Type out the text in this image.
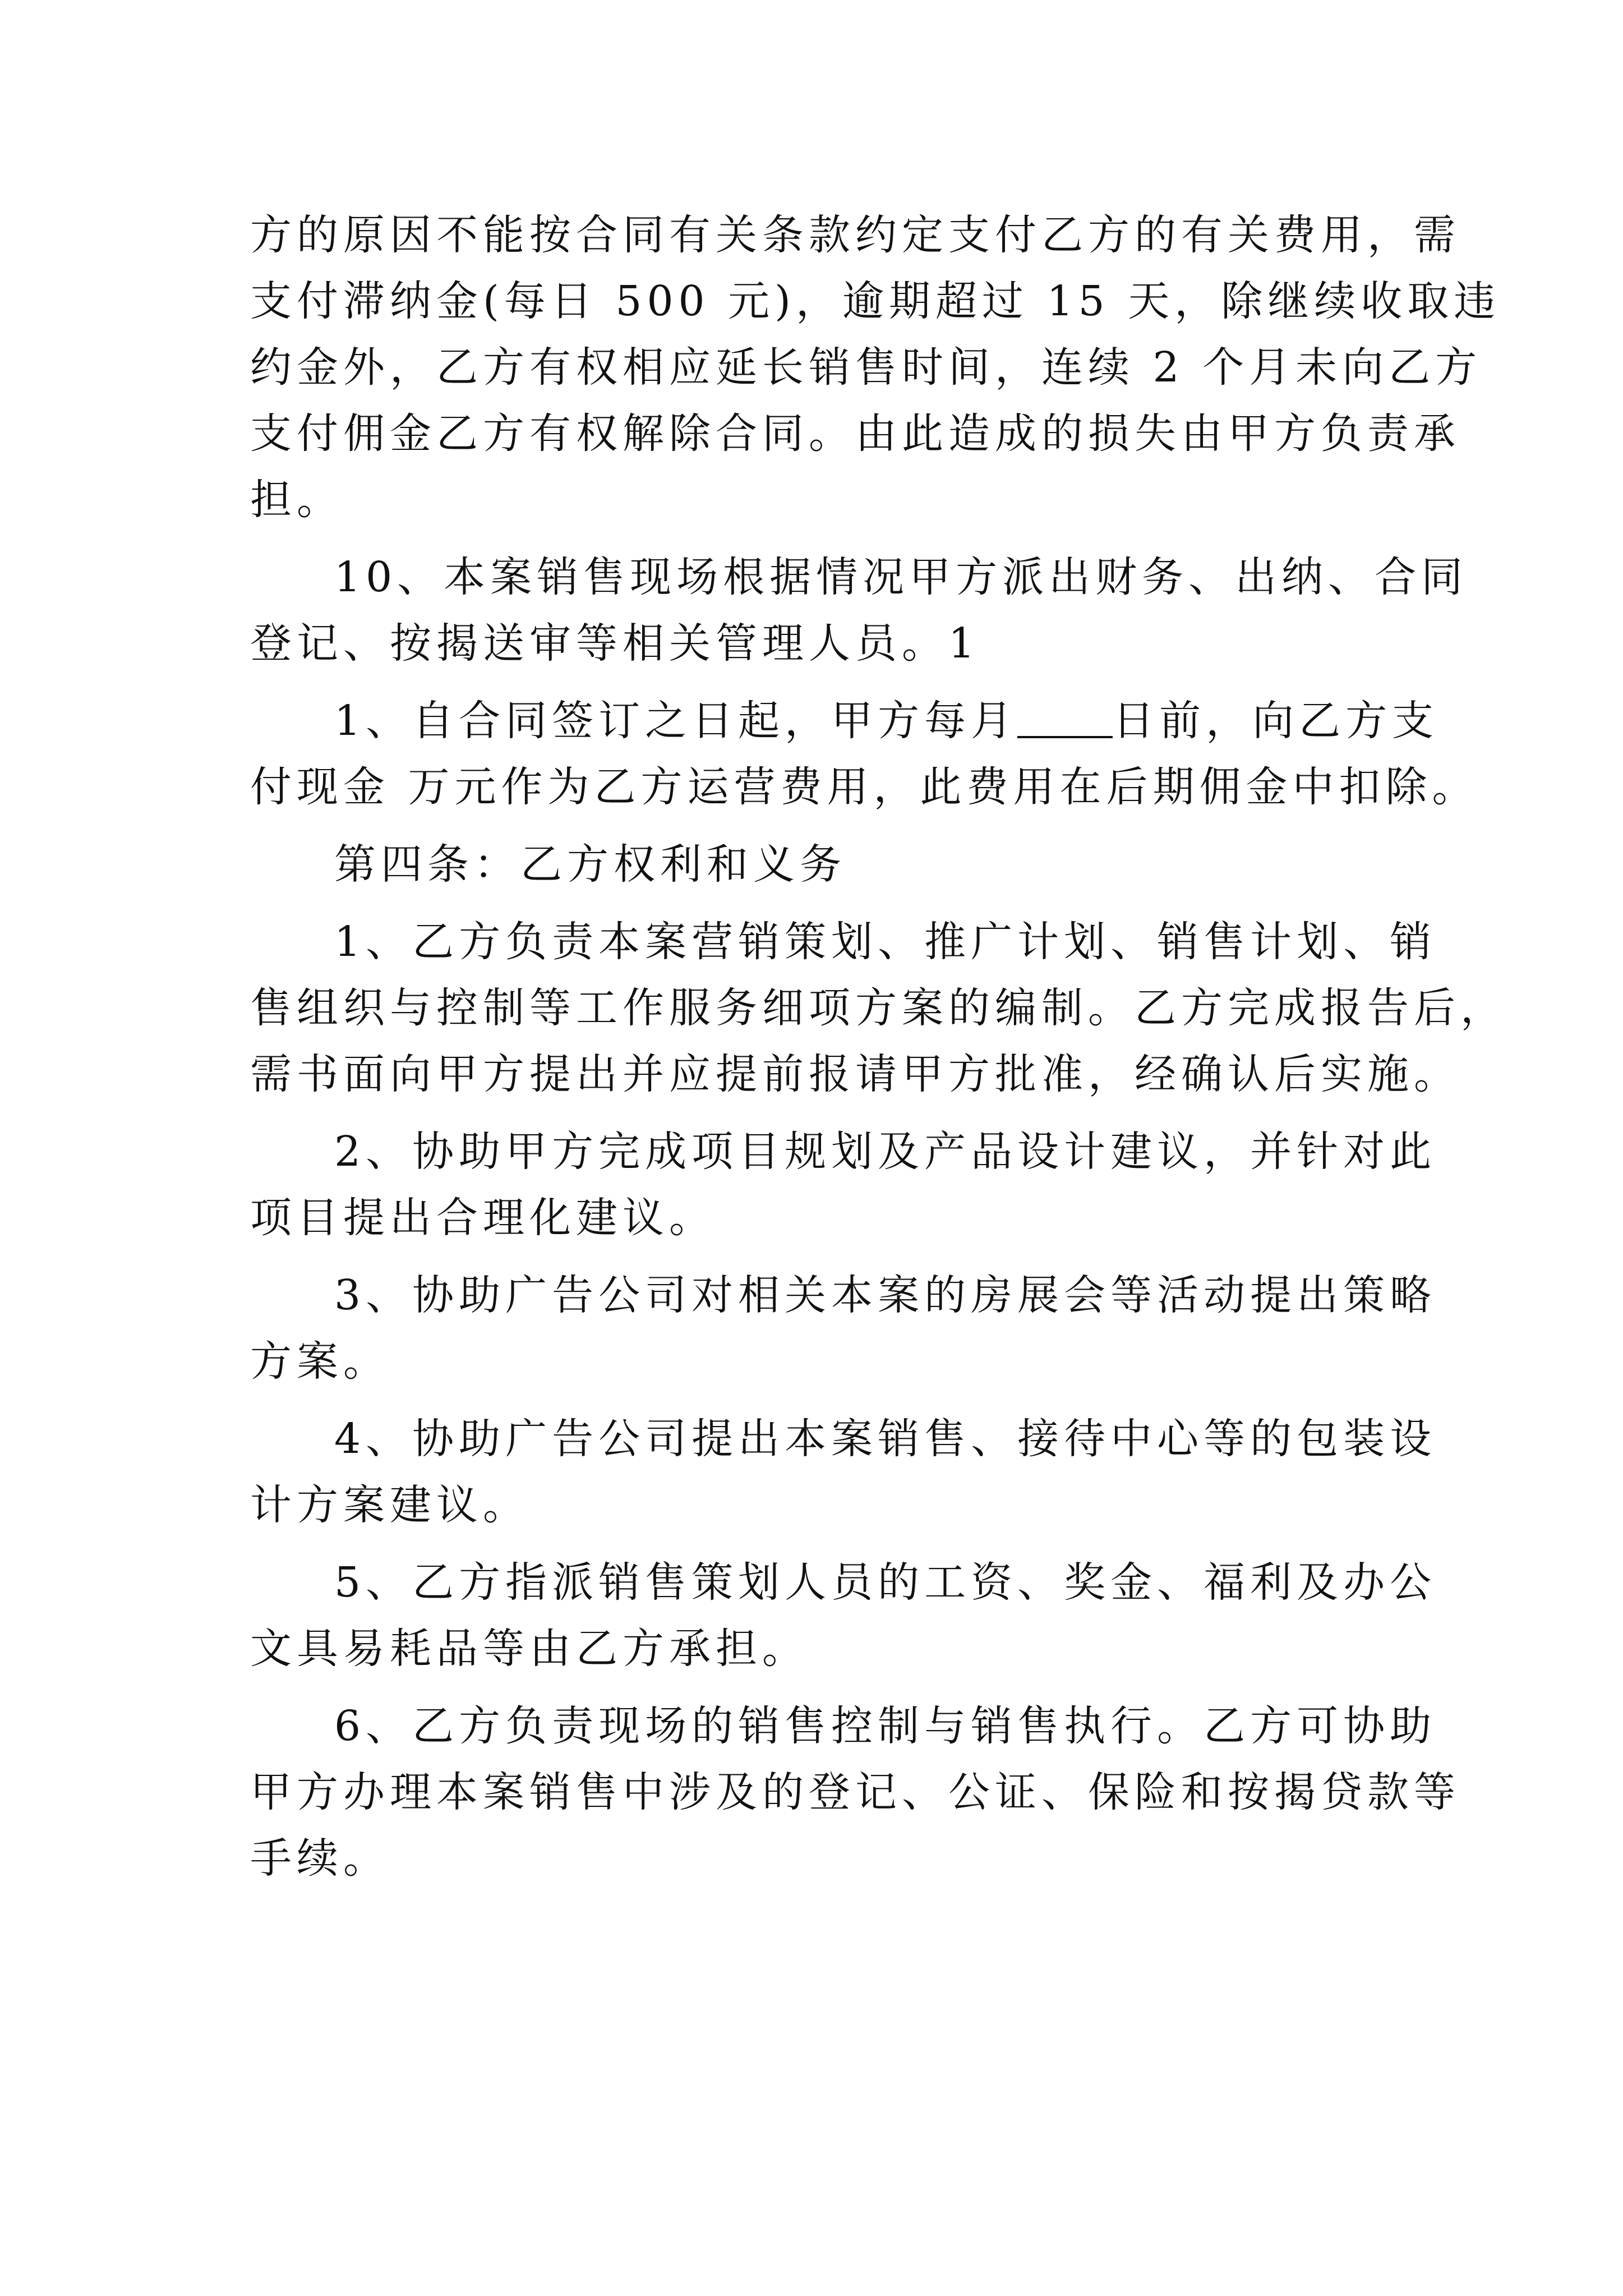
方的原因不能按合同有关条款约定支付乙方的有关费用，需
支付滞纳金(每日 500 元)，逾期超过 15 天，除继续收取违
约金外，乙方有权相应延长销售时间，连续 2 个月未向乙方
支付佣金乙方有权解除合同。由此造成的损失由甲方负责承
担。
10、本案销售现场根据情况甲方派出财务、出纳、合同
登记、按揭送审等相关管理人员。1
1、自合同签订之日起，甲方每月 日前，向乙方支
付现金 万元作为乙方运营费用，此费用在后期佣金中扣除。
第四条：乙方权利和义务
1、乙方负责本案营销策划、推广计划、销售计划、销
售组织与控制等工作服务细项方案的编制。乙方完成报告后，
需书面向甲方提出并应提前报请甲方批准，经确认后实施。
2、协助甲方完成项目规划及产品设计建议，并针对此
项目提出合理化建议。
3、协助广告公司对相关本案的房展会等活动提出策略
方案。
4、协助广告公司提出本案销售、接待中心等的包装设
计方案建议。
5、乙方指派销售策划人员的工资、奖金、福利及办公
文具易耗品等由乙方承担。
6、乙方负责现场的销售控制与销售执行。乙方可协助
甲方办理本案销售中涉及的登记、公证、保险和按揭贷款等
手续。
